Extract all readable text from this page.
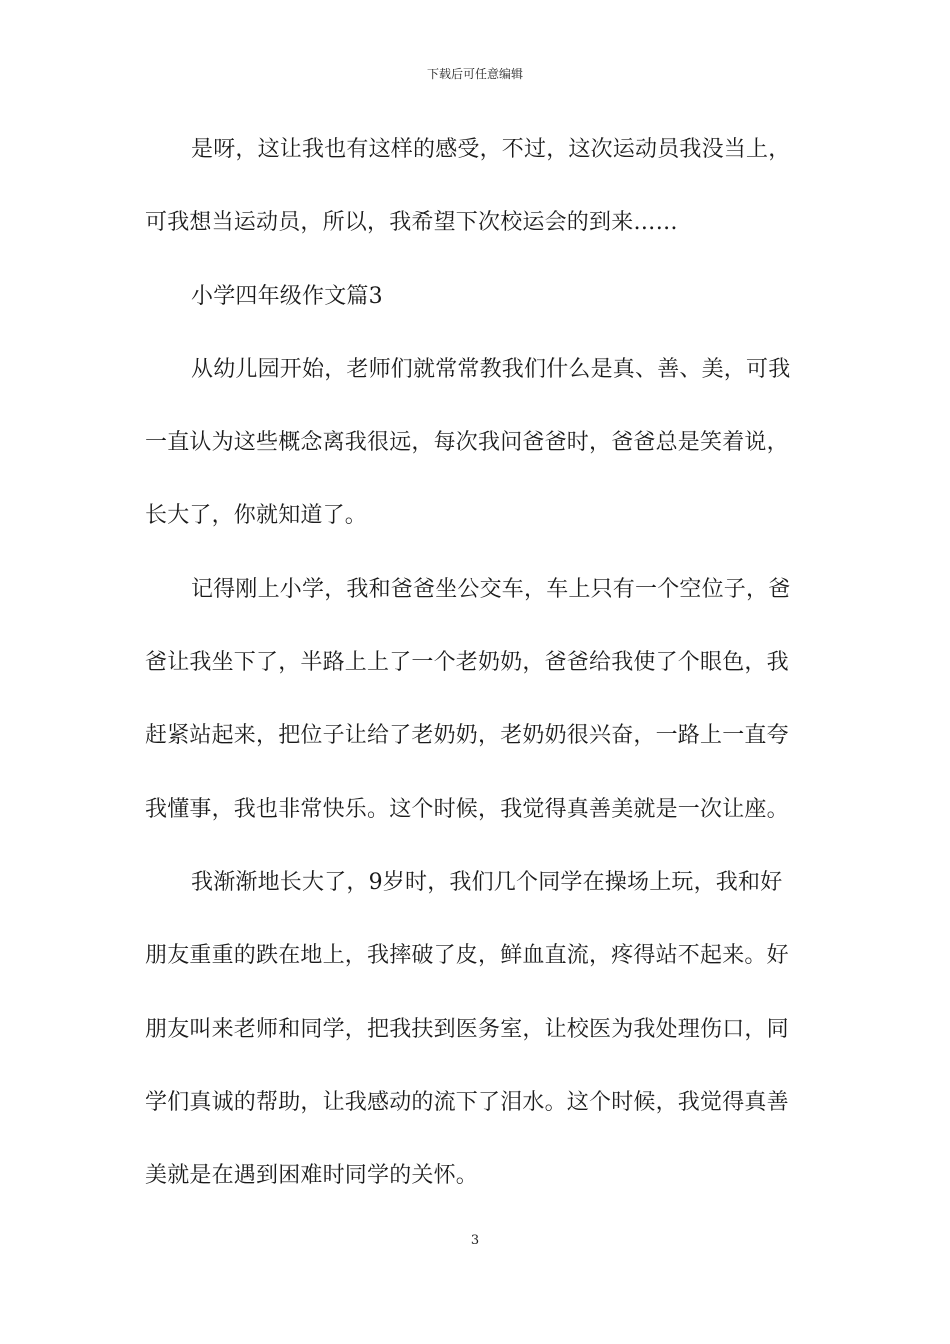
下载后可任意编辑
是呀，这让我也有这样的感受，不过，这次运动员我没当上，
可我想当运动员，所以，我希望下次校运会的到来……
小学四年级作文篇3
从幼儿园开始，老师们就常常教我们什么是真、善、美，可我
一直认为这些概念离我很远，每次我问爸爸时，爸爸总是笑着说，
长大了，你就知道了。
记得刚上小学，我和爸爸坐公交车，车上只有一个空位子，爸
爸让我坐下了，半路上上了一个老奶奶，爸爸给我使了个眼色，我
赶紧站起来，把位子让给了老奶奶，老奶奶很兴奋，一路上一直夸
我懂事，我也非常快乐。这个时候，我觉得真善美就是一次让座。
我渐渐地长大了，9岁时，我们几个同学在操场上玩，我和好
朋友重重的跌在地上，我摔破了皮，鲜血直流，疼得站不起来。好
朋友叫来老师和同学，把我扶到医务室，让校医为我处理伤口，同
学们真诚的帮助，让我感动的流下了泪水。这个时候，我觉得真善
美就是在遇到困难时同学的关怀。
3
